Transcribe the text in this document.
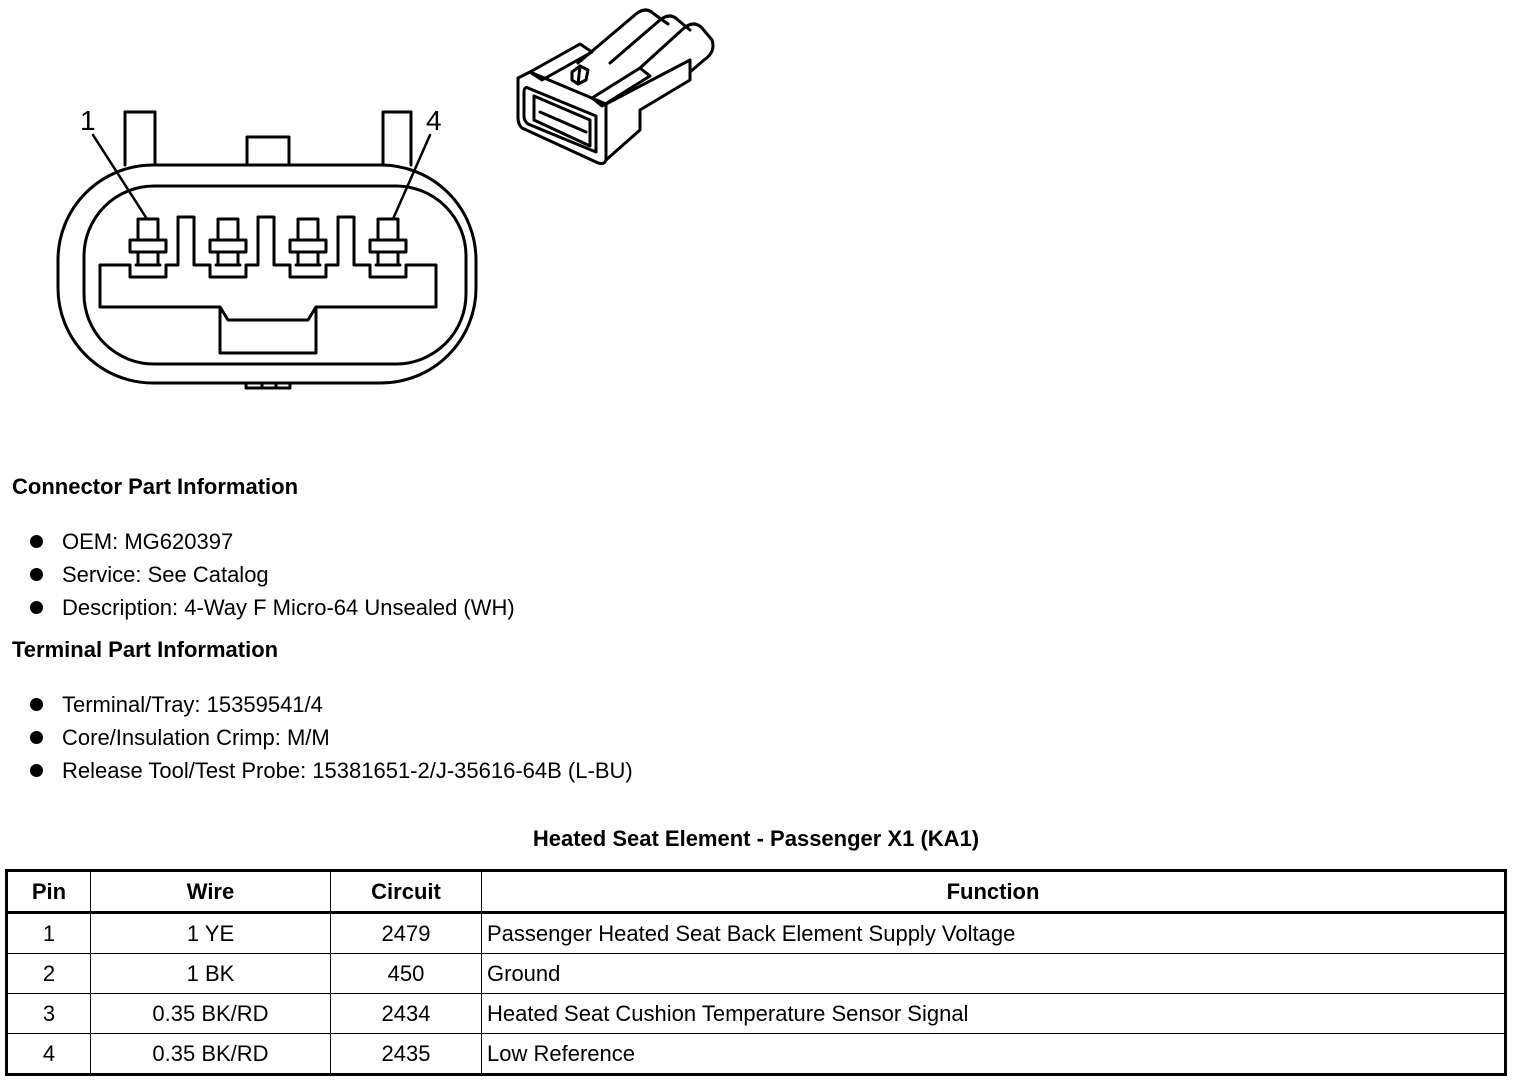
1	4
Connector Part Information
OEM: MG620397
Service: See Catalog
Description: 4-Way F Micro-64 Unsealed (WH)
Terminal Part Information
Terminal/Tray: 15359541/4
Core/Insulation Crimp: M/M
Release Tool/Test Probe: 15381651-2/J-35616-64B (L-BU)
Heated Seat Element - Passenger X1 (KA1)
Pin	Wire	Circuit	Function
1	1 YE	2479	Passenger Heated Seat Back Element Supply Voltage
2	1 BK	450	Ground
3	0.35 BK/RD	2434	Heated Seat Cushion Temperature Sensor Signal
4	0.35 BK/RD	2435	Low Reference
